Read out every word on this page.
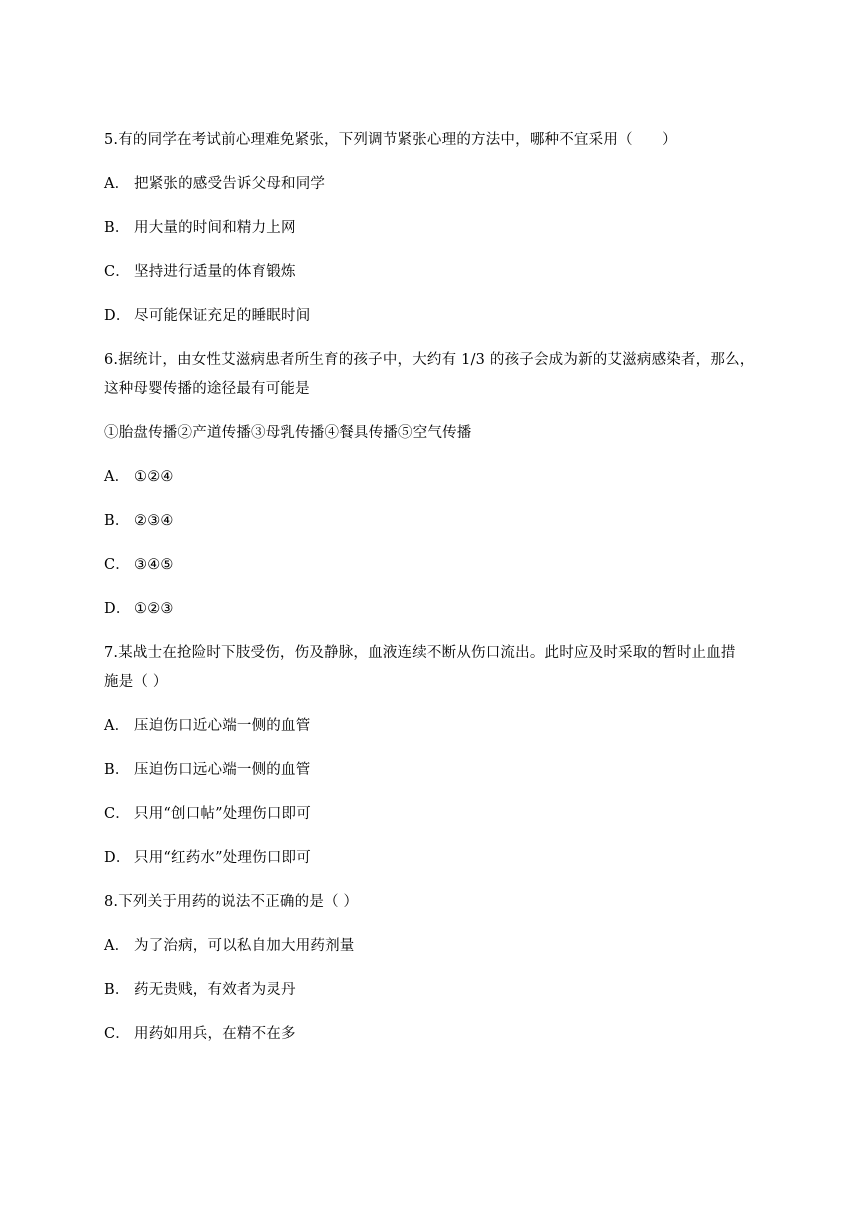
5.有的同学在考试前心理难免紧张，下列调节紧张心理的方法中，哪种不宜采用（　　）
A． 把紧张的感受告诉父母和同学
B． 用大量的时间和精力上网
C． 坚持进行适量的体育锻炼
D． 尽可能保证充足的睡眠时间
6.据统计，由女性艾滋病患者所生育的孩子中，大约有 1/3 的孩子会成为新的艾滋病感染者，那么，
这种母婴传播的途径最有可能是
①胎盘传播②产道传播③母乳传播④餐具传播⑤空气传播
A． ①②④
B． ②③④
C． ③④⑤
D． ①②③
7.某战士在抢险时下肢受伤，伤及静脉，血液连续不断从伤口流出。此时应及时采取的暂时止血措
施是（ ）
A． 压迫伤口近心端一侧的血管
B． 压迫伤口远心端一侧的血管
C． 只用“创口帖”处理伤口即可
D． 只用“红药水”处理伤口即可
8.下列关于用药的说法不正确的是（ ）
A． 为了治病，可以私自加大用药剂量
B． 药无贵贱，有效者为灵丹
C． 用药如用兵，在精不在多
